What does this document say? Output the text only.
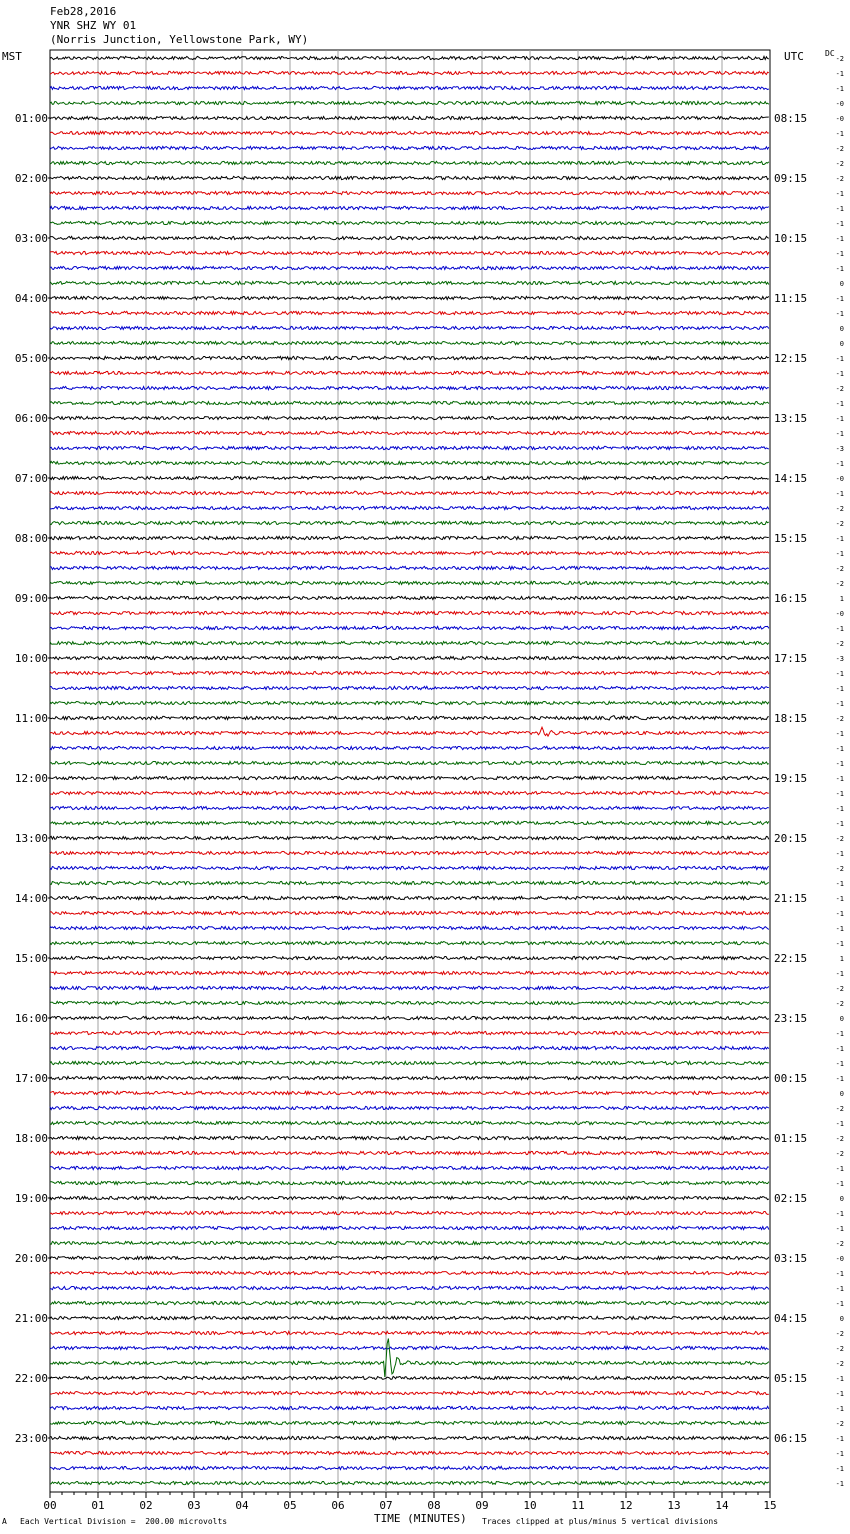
Feb28,2016
YNR SHZ WY 01
(Norris Junction, Yellowstone Park, WY)
MST	UTC	DC
00	01	02	03	04	05	06	07	08	09	10	11	12	13	14	15
-2
-1
-1
-0
-0
-1
-2
-2
-2
-1
-1
-1
-1
-1
-1
0
-1
-1
0
0
-1
-1
-2
-1
-1
-1
-3
-1
-0
-1
-2
-2
-1
-1
-2
-2
1
-0
-1
-2
-3
-1
-1
-1
-2
-1
-1
-1
-1
-1
-1
-1
-2
-1
-2
-1
-1
-1
-1
-1
1
-1
-2
-2
0
-1
-1
-1
-1
0
-2
-1
-2
-2
-1
-1
0
-1
-1
-2
-0
-1
-1
-1
0
-2
-2
-2
-1
-1
-1
-2
-1
-1
-1
-1
01:00
02:00
03:00
04:00
05:00
06:00
07:00
08:00
09:00
10:00
11:00
12:00
13:00
14:00
15:00
16:00
17:00
18:00
19:00
20:00
21:00
22:00
23:00
08:15
09:15
10:15
11:15
12:15
13:15
14:15
15:15
16:15
17:15
18:15
19:15
20:15
21:15
22:15
23:15
00:15
01:15
02:15
03:15
04:15
05:15
06:15
TIME (MINUTES)
A Each Vertical Division =  200.00 microvolts	Traces clipped at plus/minus 5 vertical divisions
